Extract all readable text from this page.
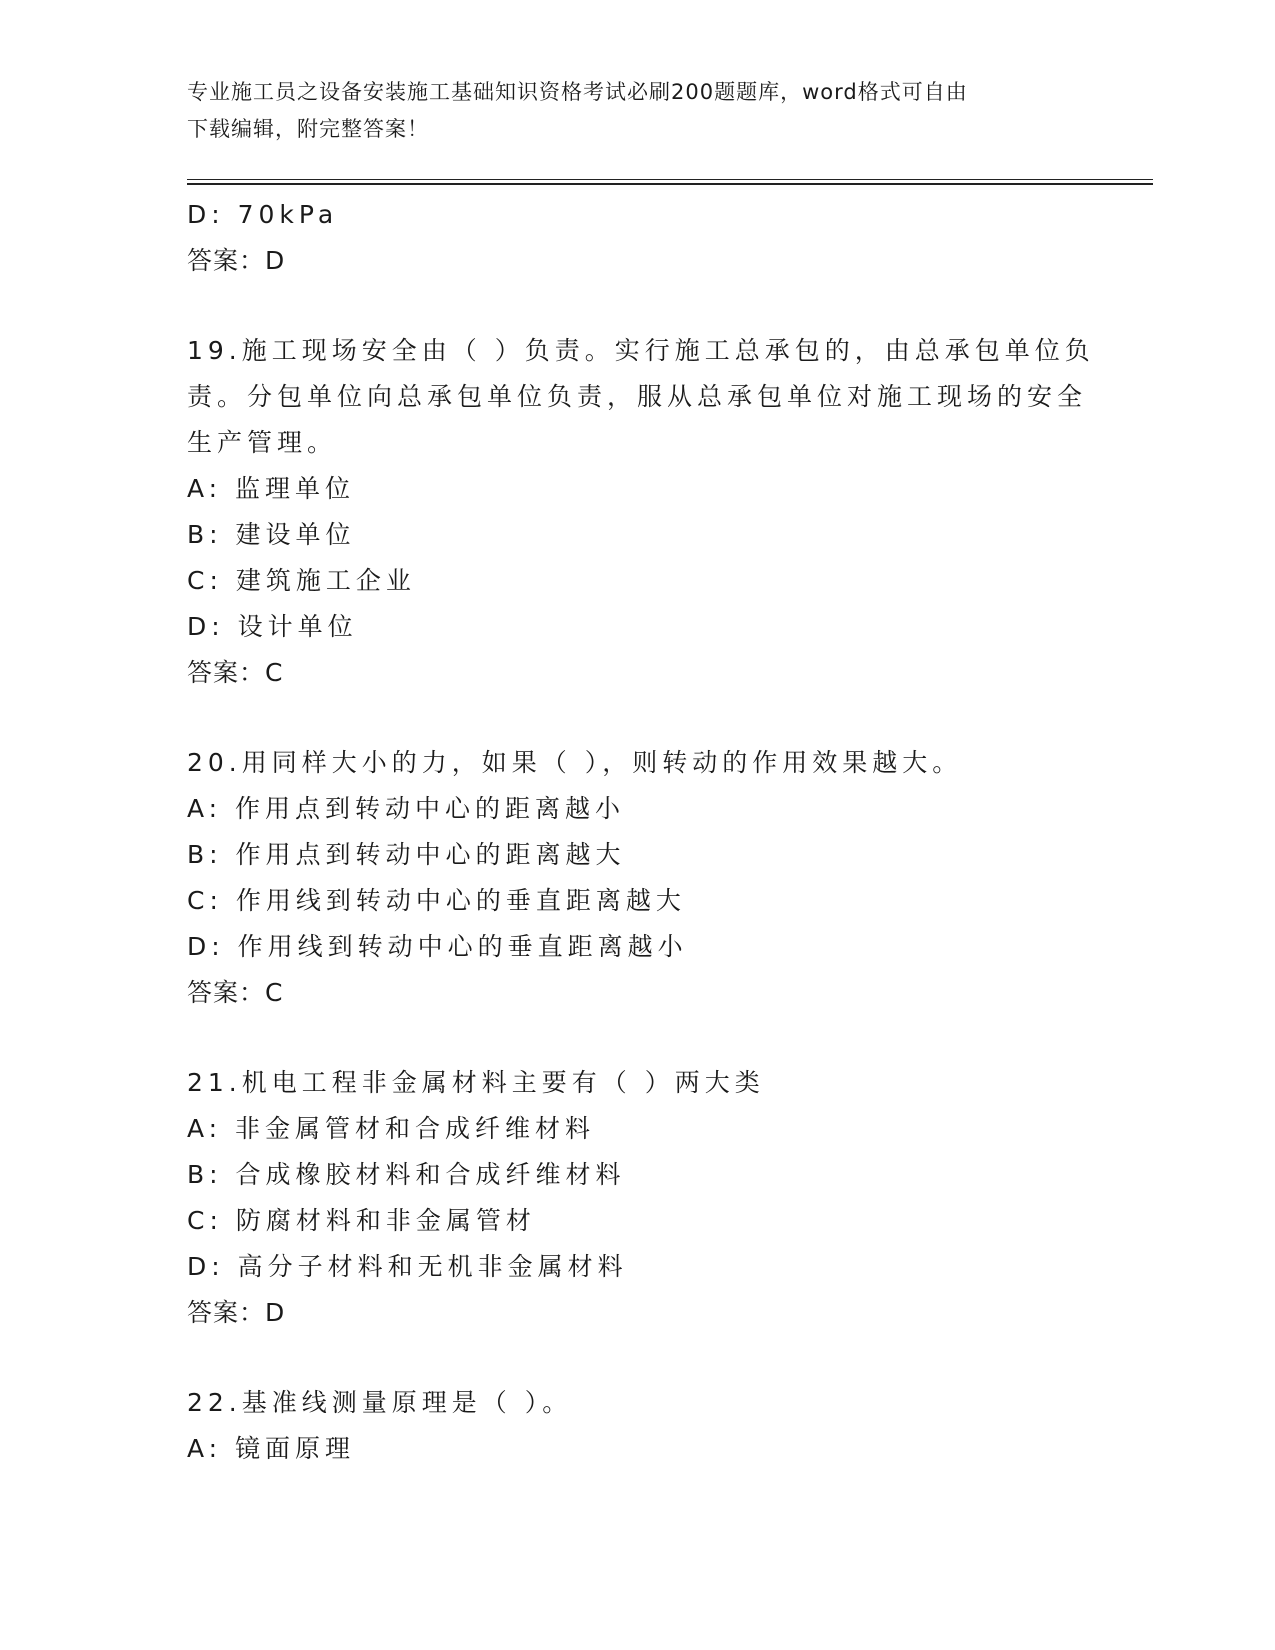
专业施工员之设备安装施工基础知识资格考试必刷200题题库，word格式可自由
下载编辑，附完整答案！
D: 70kPa
答案：D
19.施工现场安全由（ ）负责。实行施工总承包的，由总承包单位负
责。分包单位向总承包单位负责，服从总承包单位对施工现场的安全
生产管理。
A: 监理单位
B: 建设单位
C: 建筑施工企业
D: 设计单位
答案：C
20.用同样大小的力，如果（ ），则转动的作用效果越大。
A: 作用点到转动中心的距离越小
B: 作用点到转动中心的距离越大
C: 作用线到转动中心的垂直距离越大
D: 作用线到转动中心的垂直距离越小
答案：C
21.机电工程非金属材料主要有（ ）两大类
A: 非金属管材和合成纤维材料
B: 合成橡胶材料和合成纤维材料
C: 防腐材料和非金属管材
D: 高分子材料和无机非金属材料
答案：D
22.基准线测量原理是（ ）。
A: 镜面原理
